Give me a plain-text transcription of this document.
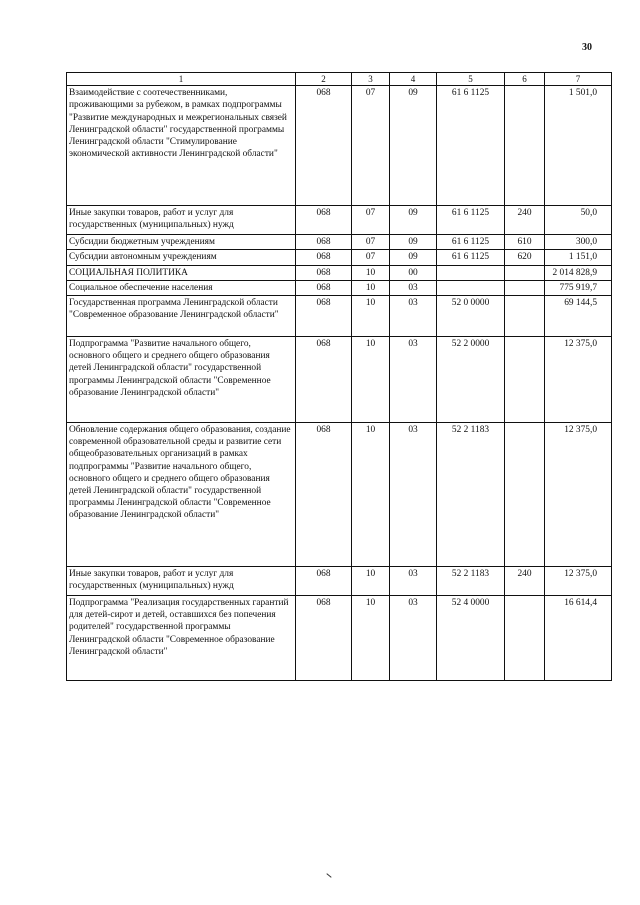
30
1	2	3	4	5	6	7
Взаимодействие с соотечественниками, проживающими за рубежом, в рамках подпрограммы "Развитие международных и межрегиональных связей Ленинградской области" государственной программы Ленинградской области "Стимулирование экономической активности Ленинградской области"	068	07	09	61 6 1125		1 501,0
Иные закупки товаров, работ и услуг для государственных (муниципальных) нужд	068	07	09	61 6 1125	240	50,0
Субсидии бюджетным учреждениям	068	07	09	61 6 1125	610	300,0
Субсидии автономным учреждениям	068	07	09	61 6 1125	620	1 151,0
СОЦИАЛЬНАЯ ПОЛИТИКА	068	10	00			2 014 828,9
Социальное обеспечение населения	068	10	03			775 919,7
Государственная программа Ленинградской области "Современное образование Ленинградской области"	068	10	03	52 0 0000		69 144,5
Подпрограмма "Развитие начального общего, основного общего и среднего общего образования детей Ленинградской области" государственной программы Ленинградской области "Современное образование Ленинградской области"	068	10	03	52 2 0000		12 375,0
Обновление содержания общего образования, создание современной образовательной среды и развитие сети общеобразовательных организаций в рамках подпрограммы "Развитие начального общего, основного общего и среднего общего образования детей Ленинградской области" государственной программы Ленинградской области "Современное образование Ленинградской области"	068	10	03	52 2 1183		12 375,0
Иные закупки товаров, работ и услуг для государственных (муниципальных) нужд	068	10	03	52 2 1183	240	12 375,0
Подпрограмма "Реализация государственных гарантий для детей-сирот и детей, оставшихся без попечения родителей" государственной программы Ленинградской области "Современное образование Ленинградской области"	068	10	03	52 4 0000		16 614,4
